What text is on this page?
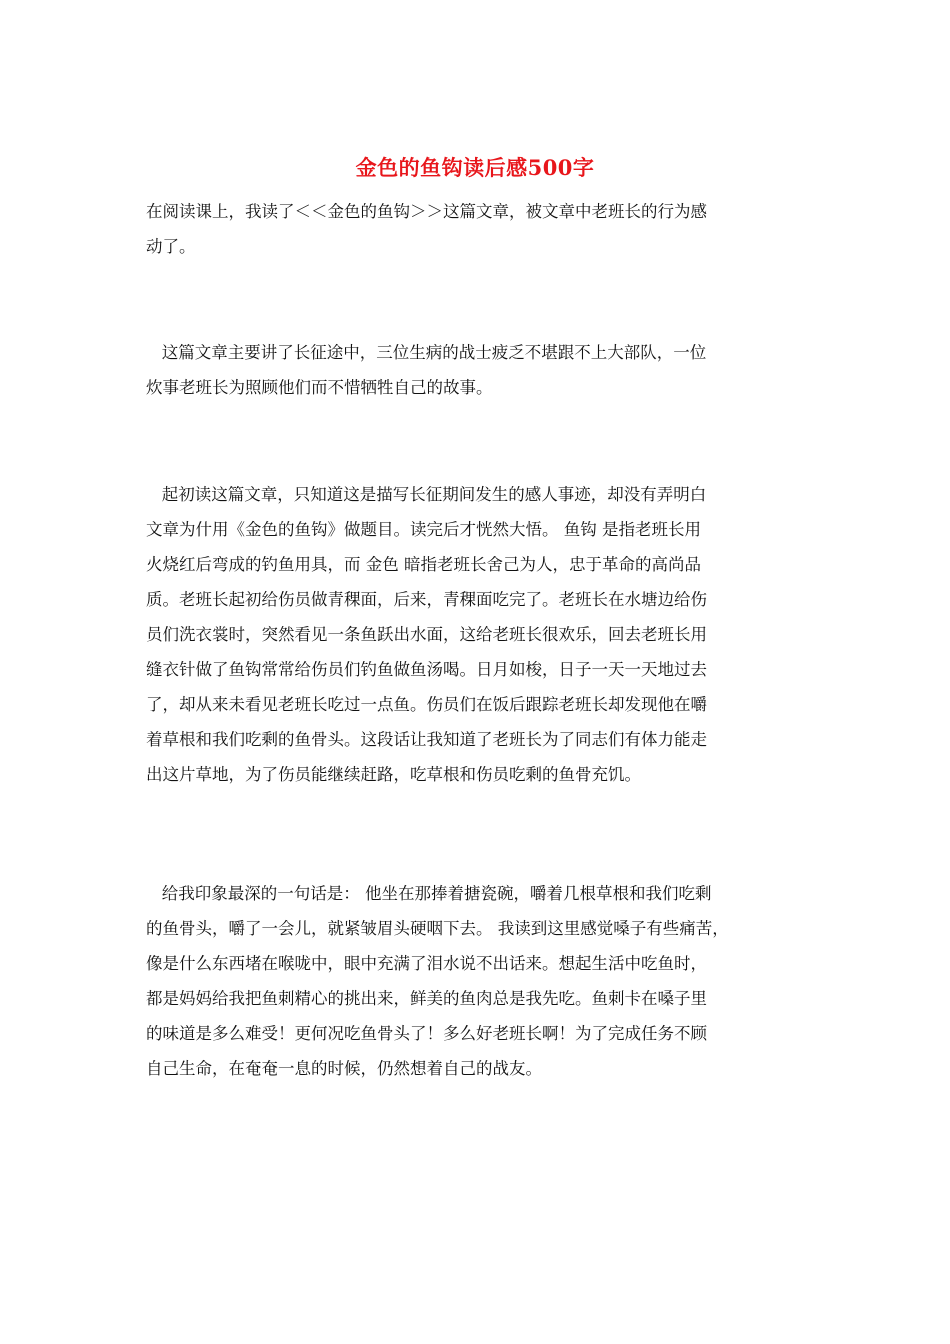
金色的鱼钩读后感500字
在阅读课上，我读了＜＜金色的鱼钩＞＞这篇文章，被文章中老班长的行为感
动了。
这篇文章主要讲了长征途中，三位生病的战士疲乏不堪跟不上大部队，一位
炊事老班长为照顾他们而不惜牺牲自己的故事。
起初读这篇文章，只知道这是描写长征期间发生的感人事迹，却没有弄明白
文章为什用《金色的鱼钩》做题目。读完后才恍然大悟。 鱼钩 是指老班长用
火烧红后弯成的钓鱼用具，而 金色 暗指老班长舍己为人，忠于革命的高尚品
质。老班长起初给伤员做青稞面，后来，青稞面吃完了。老班长在水塘边给伤
员们洗衣裳时，突然看见一条鱼跃出水面，这给老班长很欢乐，回去老班长用
缝衣针做了鱼钩常常给伤员们钓鱼做鱼汤喝。日月如梭，日子一天一天地过去
了，却从来未看见老班长吃过一点鱼。伤员们在饭后跟踪老班长却发现他在嚼
着草根和我们吃剩的鱼骨头。这段话让我知道了老班长为了同志们有体力能走
出这片草地，为了伤员能继续赶路，吃草根和伤员吃剩的鱼骨充饥。
给我印象最深的一句话是： 他坐在那捧着搪瓷碗，嚼着几根草根和我们吃剩
的鱼骨头，嚼了一会儿，就紧皱眉头硬咽下去。 我读到这里感觉嗓子有些痛苦，
像是什么东西堵在喉咙中，眼中充满了泪水说不出话来。想起生活中吃鱼时，
都是妈妈给我把鱼刺精心的挑出来，鲜美的鱼肉总是我先吃。鱼刺卡在嗓子里
的味道是多么难受！更何况吃鱼骨头了！多么好老班长啊！为了完成任务不顾
自己生命，在奄奄一息的时候，仍然想着自己的战友。
